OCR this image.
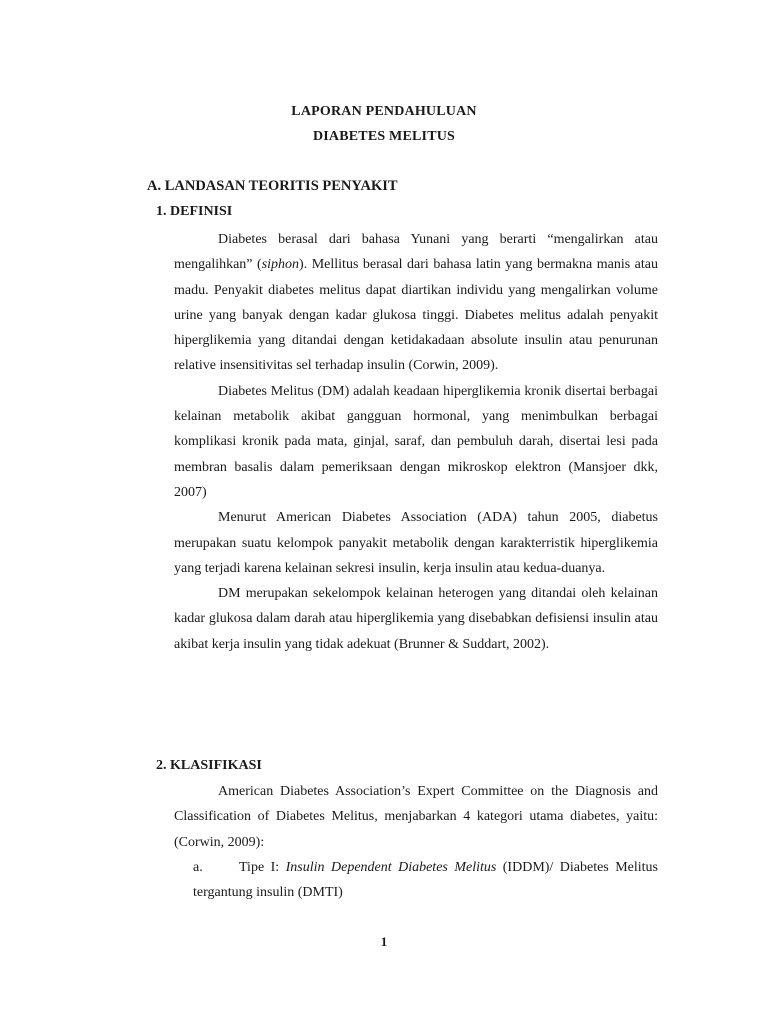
LAPORAN PENDAHULUAN
DIABETES MELITUS
A. LANDASAN TEORITIS PENYAKIT
1. DEFINISI

Diabetes berasal dari bahasa Yunani yang berarti “mengalirkan atau mengalihkan” (siphon). Mellitus berasal dari bahasa latin yang bermakna manis atau madu. Penyakit diabetes melitus dapat diartikan individu yang mengalirkan volume urine yang banyak dengan kadar glukosa tinggi. Diabetes melitus adalah penyakit hiperglikemia yang ditandai dengan ketidakadaan absolute insulin atau penurunan relative insensitivitas sel terhadap insulin (Corwin, 2009).

Diabetes Melitus (DM) adalah keadaan hiperglikemia kronik disertai berbagai kelainan metabolik akibat gangguan hormonal, yang menimbulkan berbagai komplikasi kronik pada mata, ginjal, saraf, dan pembuluh darah, disertai lesi pada membran basalis dalam pemeriksaan dengan mikroskop elektron (Mansjoer dkk, 2007)

Menurut American Diabetes Association (ADA) tahun 2005, diabetus merupakan suatu kelompok panyakit metabolik dengan karakterristik hiperglikemia yang terjadi karena kelainan sekresi insulin, kerja insulin atau kedua-duanya.

DM merupakan sekelompok kelainan heterogen yang ditandai oleh kelainan kadar glukosa dalam darah atau hiperglikemia yang disebabkan defisiensi insulin atau akibat kerja insulin yang tidak adekuat (Brunner & Suddart, 2002).

2. KLASIFIKASI

American Diabetes Association’s Expert Committee on the Diagnosis and Classification of Diabetes Melitus, menjabarkan 4 kategori utama diabetes, yaitu: (Corwin, 2009):

a.	Tipe I: Insulin Dependent Diabetes Melitus (IDDM)/ Diabetes Melitus tergantung insulin (DMTI)
1
